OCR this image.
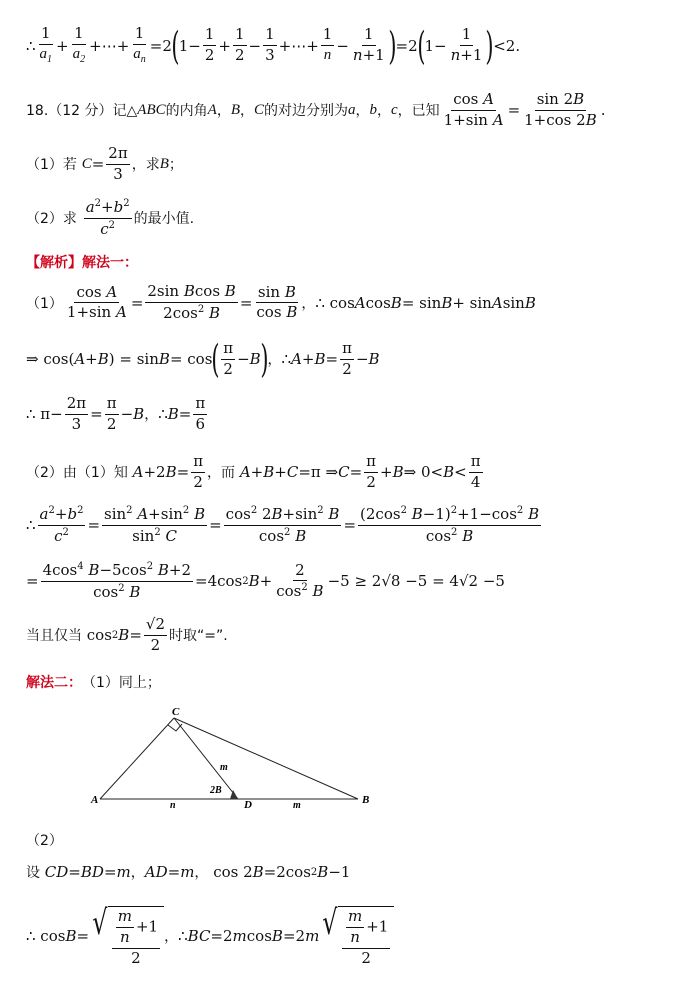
∴ $\frac{1}{a_1} + \frac{1}{a_2}$ +⋯+ $\frac{1}{a_n} =2$ ( $1- \frac{1}{2} + \frac{1}{2} - \frac{1}{3}$ +⋯+ $\frac{1}{n} - \frac{1}{n+1}$ ) =2 ( $1- \frac{1}{n+1}$ ) <2.
18.（12 分）记△ ABC 的内角 A ， B ， C 的对边分别为 a ， b ， c ，已知 $\frac{\text{cos A}}{\text{1+sin A}} = \frac{\sin 2B}{1+\cos 2B}$ .
（1）若
$C = \frac{2\pi}{3}$ ，求 B ；
（2）求
$\frac{a^2+b^2}{c^2}$ 的最小值.
【解析】解法一：
$(1) \frac{\text{cos A}}{\text{1+sin A}} = \frac{\text{2sin Bcos B}}{2\cos^2 B} = \frac{\text{sin B}}{\text{cos B}}$ ， ∴ cos A cos B = sin B + sin A sin B
⇒ cos( A + B ) = sin B = cos ( $\frac{\pi}{2} - B$ ) ， ∴ $A + B = \frac{\pi}{2} - B$
∴ $\pi- \frac{2\pi}{3} = \frac{\pi}{2} - B$ ， ∴ $B = \frac{\pi}{6}$
（2）由（1）知
A +2 $B = \frac{\pi}{2}$ ，而
A + B + C =π ⇒ $C = \frac{\pi}{2} + B$ ⇒ $0< B < \frac{\pi}{4}$
∴ $\frac{a^2+b^2}{c^2} = \frac{\sin^2 A+\sin^2 B}{\sin^2 C} = \frac{\cos^2 2B+\sin^2 B}{\cos^2 B} = \frac{(2\cos^2 B-1)^2+1-\cos^2 B}{\cos^2 B}$
= $\frac{4\cos^4 B-5\cos^2 B+2}{\cos^2 B} =4\cos$ 2 $B + \frac{2}{\cos^2 B} -5 \ge 2√8 -5 = 4√2 -5$
当且仅当 cos 2 $B = \frac{√2}{2}$ 时取“=”.
解法二： （1）同上；
C
A	D	B
m
2B
n	m
（2）
设
CD = BD = m ， AD = m ， cos 2 B =2cos 2 B −1
∴ cos B = √ $\frac{\frac{m}{n} +1}{2}$ ， ∴ BC =2 m cos B =2 m √ $\frac{\frac{m}{n} +1}{2}$
